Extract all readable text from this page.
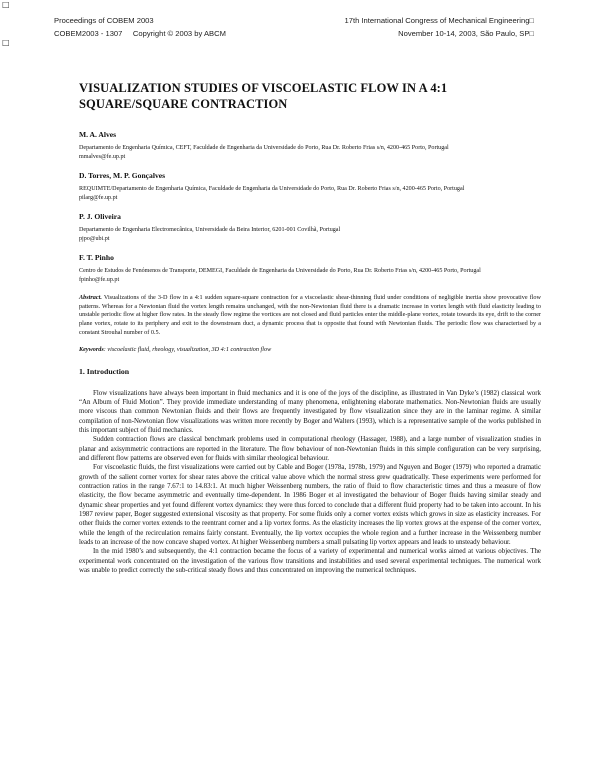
□
□
Proceedings of COBEM 2003	17th International Congress of Mechanical Engineering□
COBEM2003 - 1307     Copyright © 2003 by ABCM	November 10-14, 2003, São Paulo, SP□
VISUALIZATION STUDIES OF VISCOELASTIC FLOW IN A 4:1 SQUARE/SQUARE CONTRACTION
M. A. Alves
Departamento de Engenharia Química, CEFT, Faculdade de Engenharia da Universidade do Porto, Rua Dr. Roberto Frias s/n, 4200-465 Porto, Portugal
mmalves@fe.up.pt
D. Torres, M. P. Gonçalves
REQUIMTE/Departamento de Engenharia Química, Faculdade de Engenharia da Universidade do Porto, Rua Dr. Roberto Frias s/n, 4200-465 Porto, Portugal
pilarg@fe.up.pt
P. J. Oliveira
Departamento de Engenharia Electromecânica, Universidade da Beira Interior, 6201-001 Covilhã, Portugal
pjpo@ubi.pt
F. T. Pinho
Centro de Estudos de Fenómenos de Transporte, DEMEGI, Faculdade de Engenharia da Universidade do Porto, Rua Dr. Roberto Frias s/n, 4200-465 Porto, Portugal
fpinho@fe.up.pt

Abstract. Visualizations of the 3-D flow in a 4:1 sudden square-square contraction for a viscoelastic shear-thinning fluid under conditions of negligible inertia show provocative flow patterns. Whereas for a Newtonian fluid the vortex length remains unchanged, with the non-Newtonian fluid there is a dramatic increase in vortex length with fluid elasticity leading to unstable periodic flow at higher flow rates. In the steady flow regime the vortices are not closed and fluid particles enter the middle-plane vortex, rotate towards its eye, drift to the corner plane vortex, rotate to its periphery and exit to the downstream duct, a dynamic process that is opposite that found with Newtonian fluids. The periodic flow was characterised by a constant Strouhal number of 0.5.

Keywords: viscoelastic fluid, rheology, visualization, 3D 4:1 contraction flow

1. Introduction

Flow visualizations have always been important in fluid mechanics and it is one of the joys of the discipline, as illustrated in Van Dyke’s (1982) classical work “An Album of Fluid Motion”. They provide immediate understanding of many phenomena, enlightening elaborate mathematics. Non-Newtonian fluids are usually more viscous than common Newtonian fluids and their flows are frequently investigated by flow visualization since they are in the laminar regime. A similar compilation of non-Newtonian flow visualizations was written more recently by Boger and Walters (1993), which is a representative sample of the works published in this important subject of fluid mechanics.

Sudden contraction flows are classical benchmark problems used in computational rheology (Hassager, 1988), and a large number of visualization studies in planar and axisymmetric contractions are reported in the literature. The flow behaviour of non-Newtonian fluids in this simple configuration can be very surprising, and different flow patterns are observed even for fluids with similar rheological behaviour.

For viscoelastic fluids, the first visualizations were carried out by Cable and Boger (1978a, 1978b, 1979) and Nguyen and Boger (1979) who reported a dramatic growth of the salient corner vortex for shear rates above the critical value above which the normal stress grew quadratically. These experiments were performed for contraction ratios in the range 7.67:1 to 14.83:1. At much higher Weissenberg numbers, the ratio of fluid to flow characteristic times and thus a measure of flow elasticity, the flow became asymmetric and eventually time-dependent. In 1986 Boger et al investigated the behaviour of Boger fluids having similar steady and dynamic shear properties and yet found different vortex dynamics: they were thus forced to conclude that a different fluid property had to be taken into account. In his 1987 review paper, Boger suggested extensional viscosity as that property. For some fluids only a corner vortex exists which grows in size as elasticity increases. For other fluids the corner vortex extends to the reentrant corner and a lip vortex forms. As the elasticity increases the lip vortex grows at the expense of the corner vortex, while the length of the recirculation remains fairly constant. Eventually, the lip vortex occupies the whole region and a further increase in the Weissenberg number leads to an increase of the now concave shaped vortex. At higher Weissenberg numbers a small pulsating lip vortex appears and leads to unsteady behaviour.

In the mid 1980’s and subsequently, the 4:1 contraction became the focus of a variety of experimental and numerical works aimed at various objectives. The experimental work concentrated on the investigation of the various flow transitions and instabilities and used several experimental techniques. The numerical work was unable to predict correctly the sub-critical steady flows and thus concentrated on improving the numerical techniques.
